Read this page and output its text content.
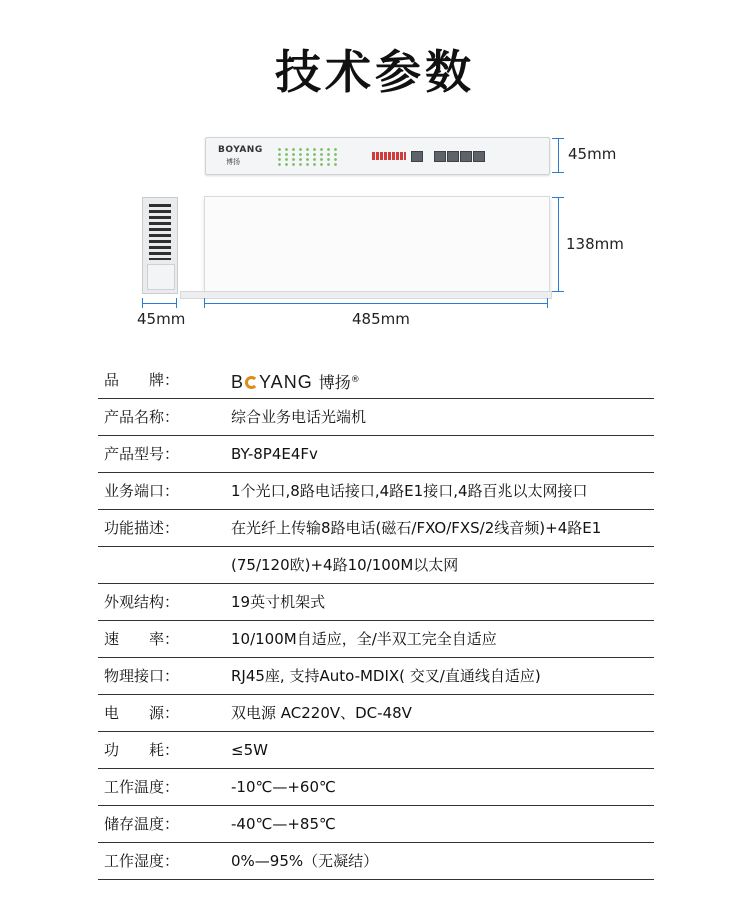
技术参数
BOYANG
博扬	45mm
138mm
45mm	485mm
品　　牌：	B YANG 博扬®
产品名称：	综合业务电话光端机
产品型号：	BY-8P4E4Fv
业务端口：	1个光口,8路电话接口,4路E1接口,4路百兆以太网接口
功能描述：	在光纤上传输8路电话(磁石/FXO/FXS/2线音频)+4路E1
(75/120欧)+4路10/100M以太网
外观结构：	19英寸机架式
速　　率：	10/100M自适应，全/半双工完全自适应
物理接口：	RJ45座, 支持Auto-MDIX( 交叉/直通线自适应)
电　　源：	双电源 AC220V、DC-48V
功　　耗：	≤5W
工作温度：	-10℃—+60℃
储存温度：	-40℃—+85℃
工作湿度：	0%—95%（无凝结）
